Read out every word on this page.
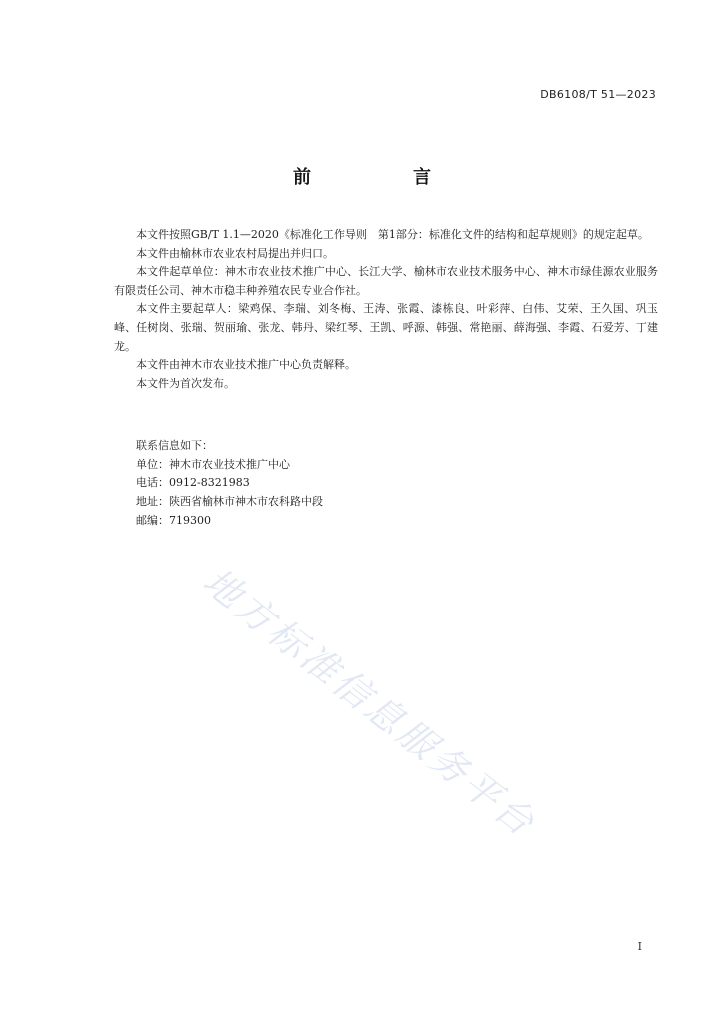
DB6108/T 51—2023
前　言

本文件按照GB/T 1.1—2020《标准化工作导则　第1部分：标准化文件的结构和起草规则》的规定起草。

本文件由榆林市农业农村局提出并归口。

本文件起草单位：神木市农业技术推广中心、长江大学、榆林市农业技术服务中心、神木市绿佳源农业服务有限责任公司、神木市稳丰种养殖农民专业合作社。

本文件主要起草人：梁鸡保、李瑞、刘冬梅、王涛、张霞、漆栋良、叶彩萍、白伟、艾荣、王久国、巩玉峰、任树岗、张瑞、贺丽瑜、张龙、韩丹、梁红琴、王凯、呼源、韩强、常艳丽、薛海强、李霞、石爱芳、丁建龙。

本文件由神木市农业技术推广中心负责解释。

本文件为首次发布。

联系信息如下：
单位：神木市农业技术推广中心
电话：0912-8321983
地址：陕西省榆林市神木市农科路中段
邮编：719300
地方标准信息服务平台
I
